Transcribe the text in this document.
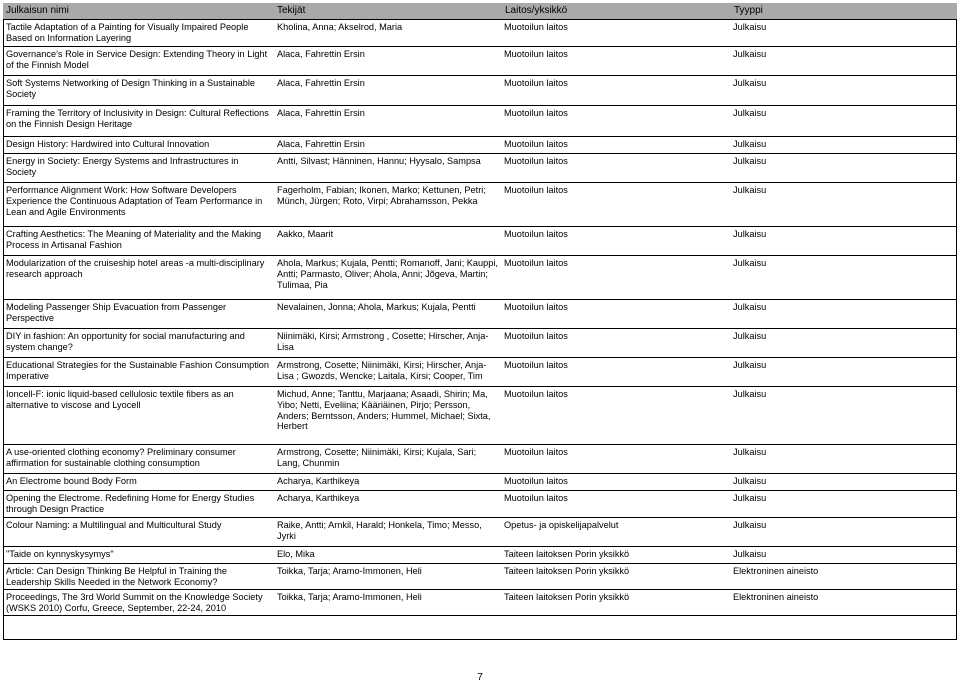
Julkaisun nimi	Tekijät	Laitos/yksikkö	Tyyppi
Tactile Adaptation of a Painting for Visually Impaired People Based on Information Layering	Kholina, Anna; Akselrod, Maria	Muotoilun laitos	Julkaisu
Governance’s Role in Service Design: Extending Theory in Light of the Finnish Model	Alaca, Fahrettin Ersin	Muotoilun laitos	Julkaisu
Soft Systems Networking of Design Thinking in a Sustainable Society	Alaca, Fahrettin Ersin	Muotoilun laitos	Julkaisu
Framing the Territory of Inclusivity in Design: Cultural Reflections on the Finnish Design Heritage	Alaca, Fahrettin Ersin	Muotoilun laitos	Julkaisu
Design History: Hardwired into Cultural Innovation	Alaca, Fahrettin Ersin	Muotoilun laitos	Julkaisu
Energy in Society: Energy Systems and Infrastructures in Society	Antti, Silvast; Hänninen, Hannu; Hyysalo, Sampsa	Muotoilun laitos	Julkaisu
Performance Alignment Work: How Software Developers Experience the Continuous Adaptation of Team Performance in Lean and Agile Environments	Fagerholm, Fabian; Ikonen, Marko; Kettunen, Petri; Münch, Jürgen; Roto, Virpi; Abrahamsson, Pekka	Muotoilun laitos	Julkaisu
Crafting Aesthetics: The Meaning of Materiality and the Making Process in Artisanal Fashion	Aakko, Maarit	Muotoilun laitos	Julkaisu
Modularization of the cruiseship hotel areas -a multi-disciplinary research approach	Ahola, Markus; Kujala, Pentti; Romanoff, Jani; Kauppi, Antti; Parmasto, Oliver; Ahola, Anni; Jõgeva, Martin; Tulimaa, Pia	Muotoilun laitos	Julkaisu
Modeling Passenger Ship Evacuation from Passenger Perspective	Nevalainen, Jonna; Ahola, Markus; Kujala, Pentti	Muotoilun laitos	Julkaisu
DIY in fashion: An opportunity for social manufacturing and system change?	Niinimäki, Kirsi; Armstrong , Cosette; Hirscher, Anja-Lisa	Muotoilun laitos	Julkaisu
Educational Strategies for the Sustainable Fashion Consumption Imperative	Armstrong, Cosette; Niinimäki, Kirsi; Hirscher, Anja-Lisa ; Gwozds, Wencke; Laitala, Kirsi; Cooper, Tim	Muotoilun laitos	Julkaisu
Ioncell-F: ionic liquid-based cellulosic textile fibers as an alternative to viscose and Lyocell	Michud, Anne; Tanttu, Marjaana; Asaadi, Shirin; Ma, Yibo; Netti, Eveliina; Kääriäinen, Pirjo; Persson, Anders; Berntsson, Anders; Hummel, Michael; Sixta, Herbert	Muotoilun laitos	Julkaisu
A use-oriented clothing economy? Preliminary consumer affirmation for sustainable clothing consumption	Armstrong, Cosette; Niinimäki, Kirsi; Kujala, Sari; Lang, Chunmin	Muotoilun laitos	Julkaisu
An Electrome bound Body Form	Acharya, Karthikeya	Muotoilun laitos	Julkaisu
Opening the Electrome. Redefining Home for Energy Studies through Design Practice	Acharya, Karthikeya	Muotoilun laitos	Julkaisu
Colour Naming: a Multilingual and Multicultural Study	Raike, Antti; Arnkil, Harald; Honkela, Timo; Messo, Jyrki	Opetus- ja opiskelijapalvelut	Julkaisu
"Taide on kynnyskysymys"	Elo, Mika	Taiteen laitoksen Porin yksikkö	Julkaisu
Article: Can Design Thinking Be Helpful in Training the Leadership Skills Needed in the Network Economy?	Toikka, Tarja; Aramo-Immonen, Heli	Taiteen laitoksen Porin yksikkö	Elektroninen aineisto
Proceedings, The 3rd World Summit on the Knowledge Society (WSKS 2010) Corfu, Greece, September, 22-24, 2010	Toikka, Tarja; Aramo-Immonen, Heli	Taiteen laitoksen Porin yksikkö	Elektroninen aineisto
7
